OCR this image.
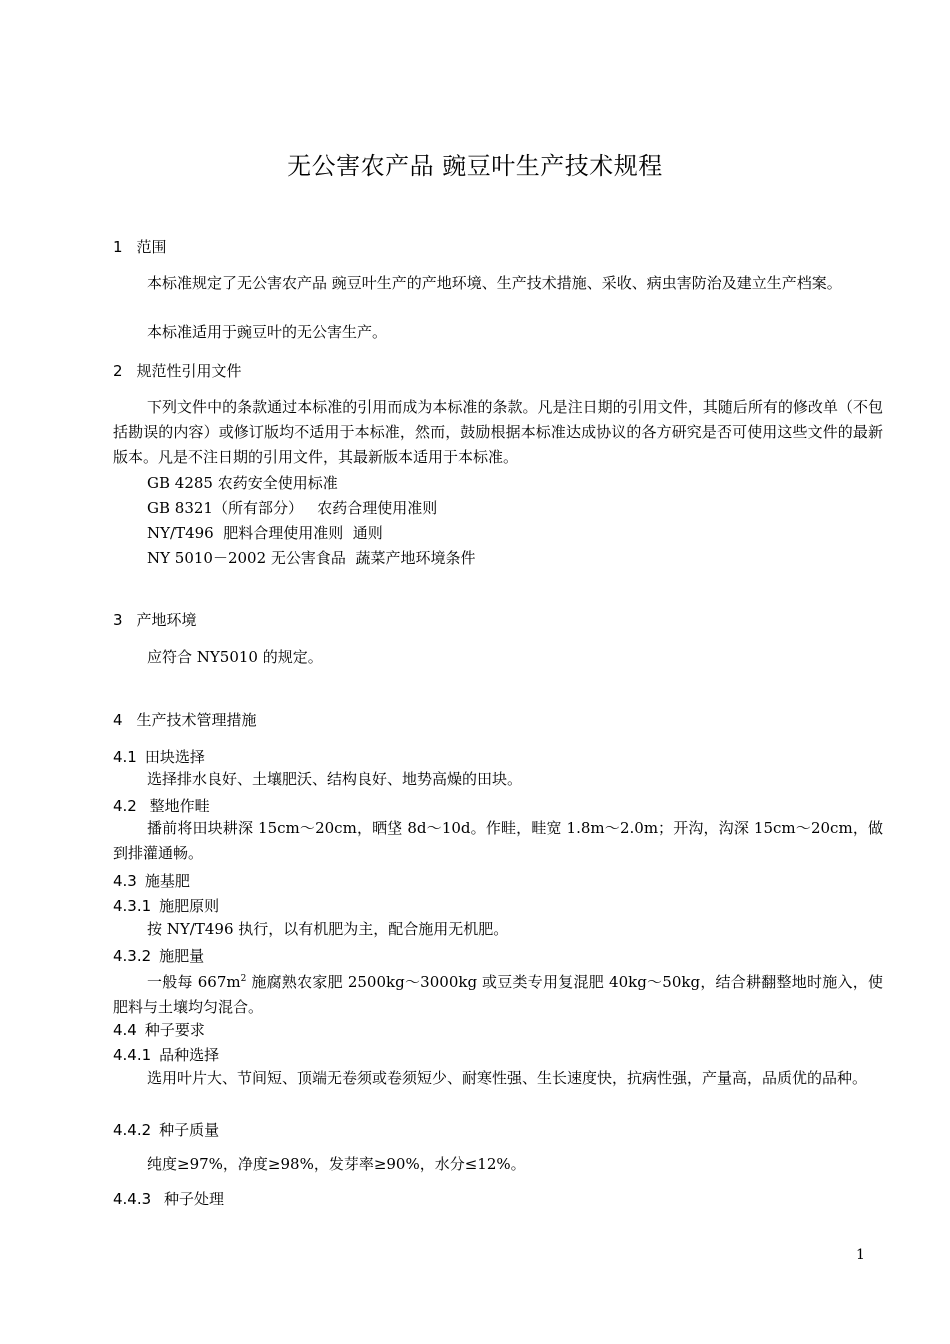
无公害农产品 豌豆叶生产技术规程
1 范围
本标准规定了无公害农产品 豌豆叶生产的产地环境、生产技术措施、采收、病虫害防治及建立生产档案。
本标准适用于豌豆叶的无公害生产。
2 规范性引用文件
下列文件中的条款通过本标准的引用而成为本标准的条款。凡是注日期的引用文件，其随后所有的修改单（不包括勘误的内容）或修订版均不适用于本标准，然而，鼓励根据本标准达成协议的各方研究是否可使用这些文件的最新版本。凡是不注日期的引用文件，其最新版本适用于本标准。
GB 4285 农药安全使用标准
GB 8321（所有部分）   农药合理使用准则
NY/T496  肥料合理使用准则  通则
NY 5010－2002 无公害食品  蔬菜产地环境条件
3 产地环境
应符合 NY5010 的规定。
4 生产技术管理措施
4.1 田块选择
选择排水良好、土壤肥沃、结构良好、地势高燥的田块。
4.2 整地作畦
播前将田块耕深 15cm～20cm，晒垡 8d～10d。作畦，畦宽 1.8m～2.0m；开沟，沟深 15cm～20cm，做到排灌通畅。
4.3 施基肥
4.3.1 施肥原则
按 NY/T496 执行，以有机肥为主，配合施用无机肥。
4.3.2 施肥量
一般每 $667m^2$ 施腐熟农家肥 2500kg～3000kg 或豆类专用复混肥 40kg～50kg，结合耕翻整地时施入，使肥料与土壤均匀混合。
4.4 种子要求
4.4.1 品种选择
选用叶片大、节间短、顶端无卷须或卷须短少、耐寒性强、生长速度快，抗病性强，产量高，品质优的品种。
4.4.2 种子质量
纯度≥97%，净度≥98%，发芽率≥90%，水分≤12%。
4.4.3 种子处理
1
